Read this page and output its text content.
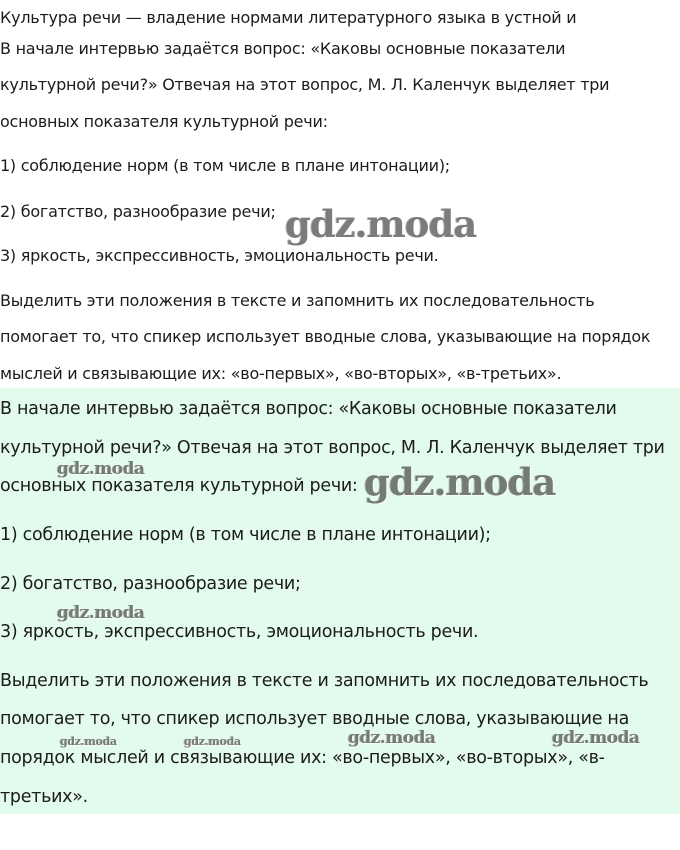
Культура речи — владение нормами литературного языка в устной и
В начале интервью задаётся вопрос: «Каковы основные показатели
культурной речи?» Отвечая на этот вопрос, М. Л. Каленчук выделяет три
основных показателя культурной речи:
1) соблюдение норм (в том числе в плане интонации);
2) богатство, разнообразие речи;
3) яркость, экспрессивность, эмоциональность речи.
Выделить эти положения в тексте и запомнить их последовательность
помогает то, что спикер использует вводные слова, указывающие на порядок
мыслей и связывающие их: «во-первых», «во-вторых», «в-третьих».
В начале интервью задаётся вопрос: «Каковы основные показатели
культурной речи?» Отвечая на этот вопрос, М. Л. Каленчук выделяет три
основных показателя культурной речи:
1) соблюдение норм (в том числе в плане интонации);
2) богатство, разнообразие речи;
3) яркость, экспрессивность, эмоциональность речи.
Выделить эти положения в тексте и запомнить их последовательность
помогает то, что спикер использует вводные слова, указывающие на
порядок мыслей и связывающие их: «во-первых», «во-вторых», «в-
третьих».
gdz.moda
gdz.moda
gdz.moda
gdz.moda
gdz.moda	gdz.moda
gdz.moda	gdz.moda
